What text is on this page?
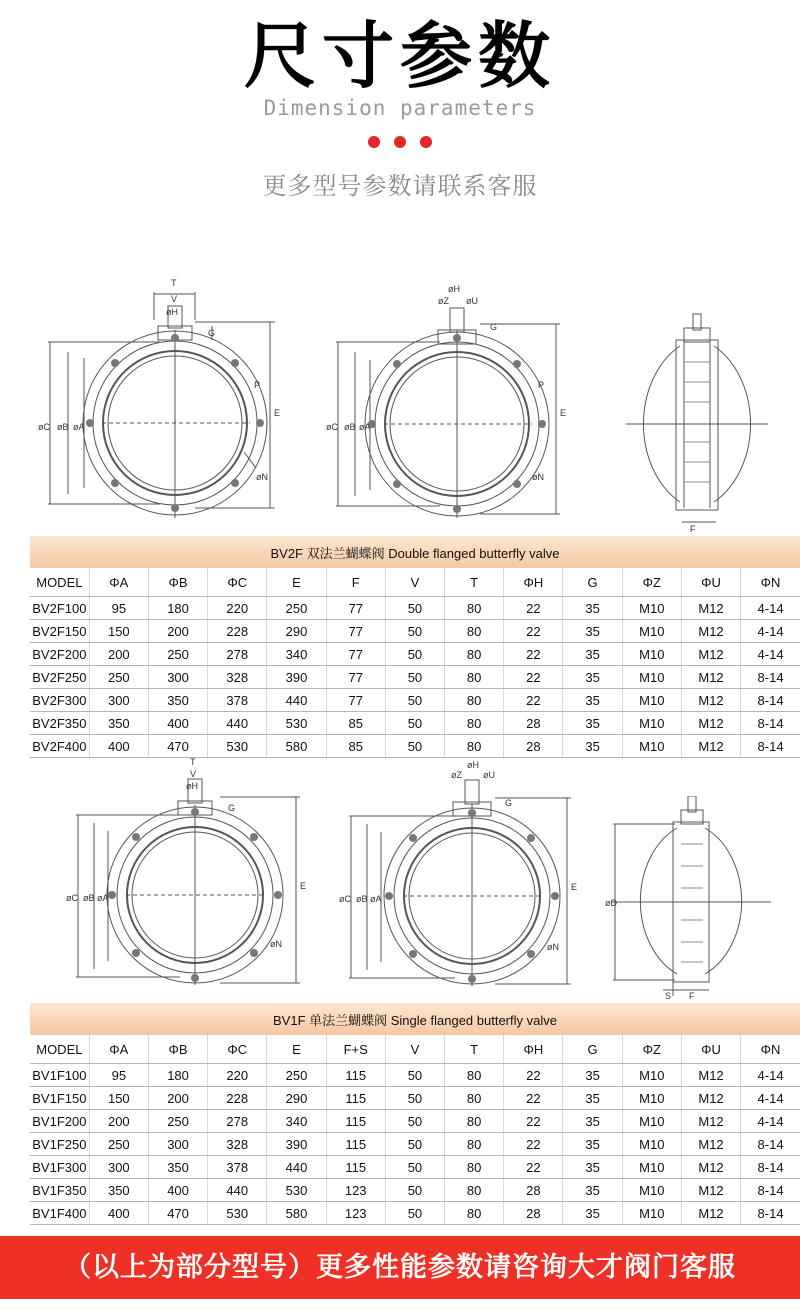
尺寸参数
Dimension parameters
更多型号参数请联系客服
T
V
øH
G
øC øB øA
E
øN
P
øH
øZ øU
G
øC øB øA
E
øN
P
F
BV2F 双法兰蝴蝶阀 Double flanged butterfly valve												
MODEL	ΦA	ΦB	ΦC	E	F	V	T	ΦH	G	ΦZ	ΦU	ΦN
BV2F100	95	180	220	250	77	50	80	22	35	M10	M12	4-14
BV2F150	150	200	228	290	77	50	80	22	35	M10	M12	4-14
BV2F200	200	250	278	340	77	50	80	22	35	M10	M12	4-14
BV2F250	250	300	328	390	77	50	80	22	35	M10	M12	8-14
BV2F300	300	350	378	440	77	50	80	22	35	M10	M12	8-14
BV2F350	350	400	440	530	85	50	80	28	35	M10	M12	8-14
BV2F400	400	470	530	580	85	50	80	28	35	M10	M12	8-14
T
V
øH
G
øC øB øA
E
øN
øH
øZ øU
G
øC øB øA
E
øN
øD
S F
BV1F 单法兰蝴蝶阀 Single flanged butterfly valve												
MODEL	ΦA	ΦB	ΦC	E	F+S	V	T	ΦH	G	ΦZ	ΦU	ΦN
BV1F100	95	180	220	250	115	50	80	22	35	M10	M12	4-14
BV1F150	150	200	228	290	115	50	80	22	35	M10	M12	4-14
BV1F200	200	250	278	340	115	50	80	22	35	M10	M12	4-14
BV1F250	250	300	328	390	115	50	80	22	35	M10	M12	8-14
BV1F300	300	350	378	440	115	50	80	22	35	M10	M12	8-14
BV1F350	350	400	440	530	123	50	80	28	35	M10	M12	8-14
BV1F400	400	470	530	580	123	50	80	28	35	M10	M12	8-14
（以上为部分型号）更多性能参数请咨询大才阀门客服
